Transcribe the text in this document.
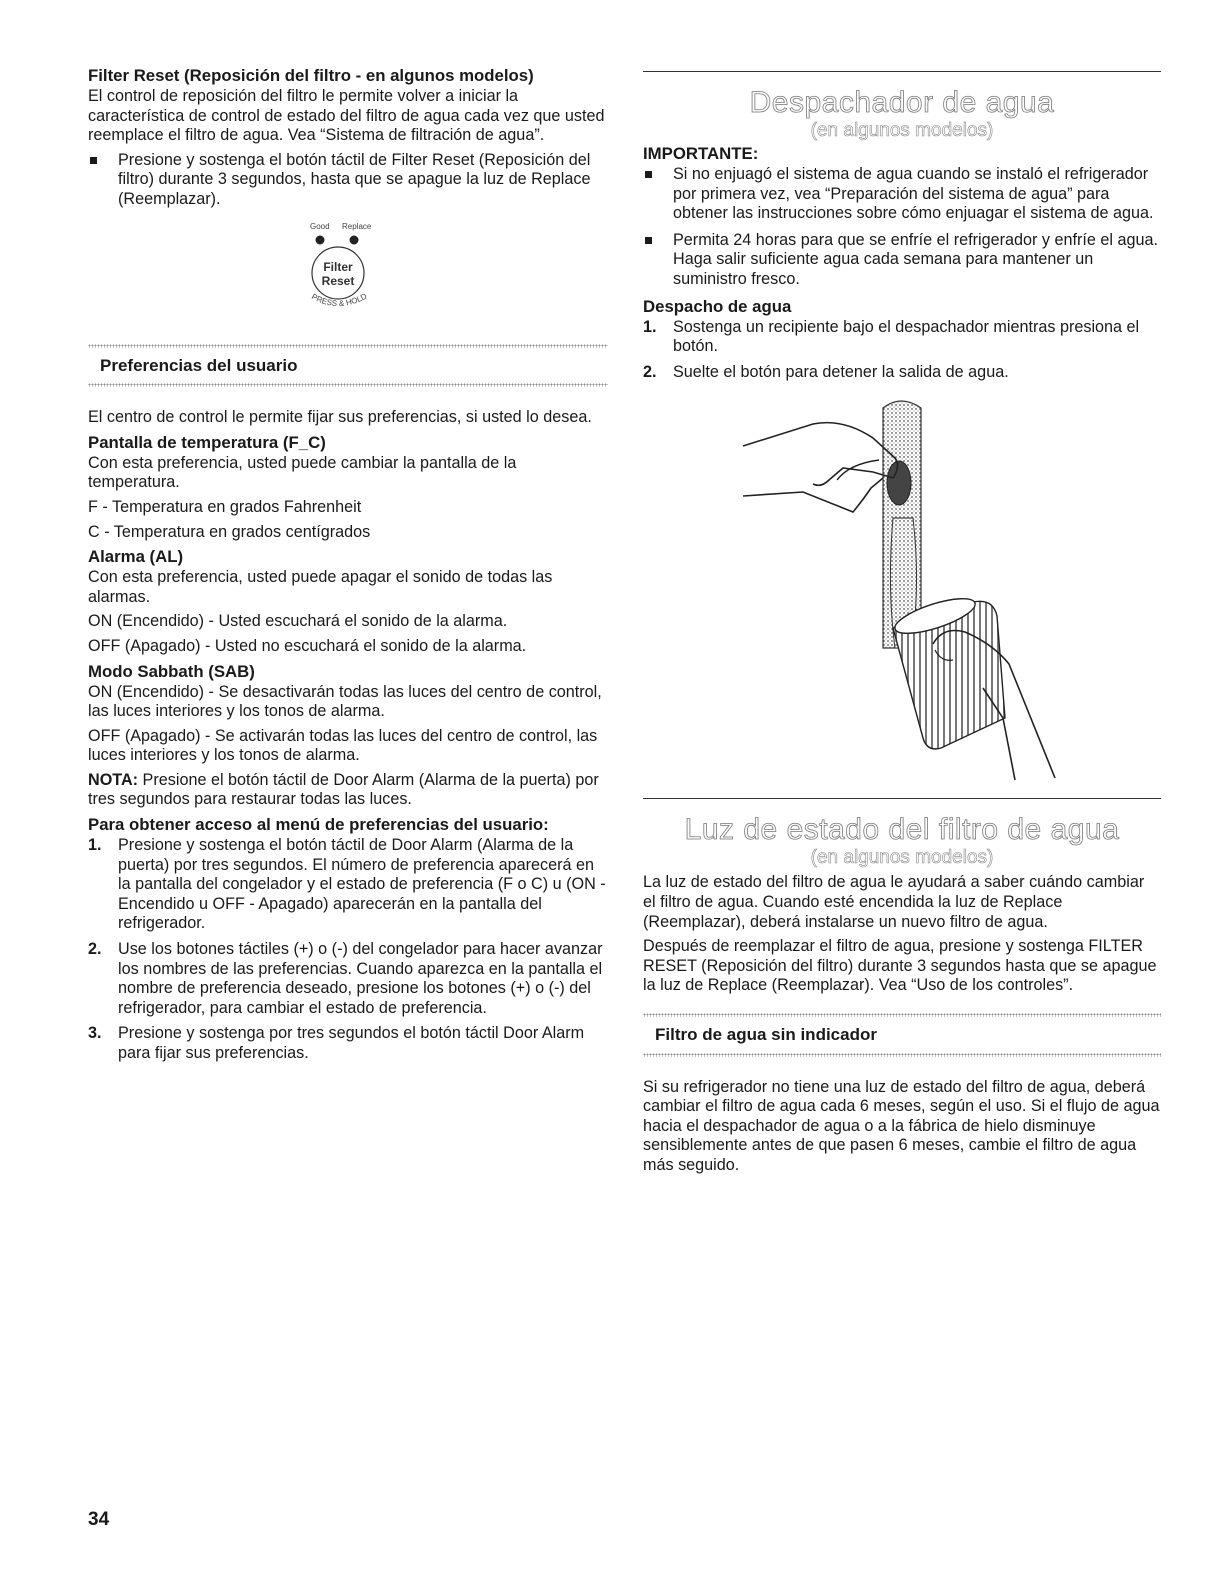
Filter Reset (Reposición del filtro - en algunos modelos)

El control de reposición del filtro le permite volver a iniciar la característica de control de estado del filtro de agua cada vez que usted reemplace el filtro de agua. Vea “Sistema de filtración de agua”.

Presione y sostenga el botón táctil de Filter Reset (Reposición del filtro) durante 3 segundos, hasta que se apague la luz de Replace (Reemplazar).
Good Replace
Filter
Reset
PRESS & HOLD
Preferencias del usuario

El centro de control le permite fijar sus preferencias, si usted lo desea.

Pantalla de temperatura (F_C)

Con esta preferencia, usted puede cambiar la pantalla de la temperatura.

F - Temperatura en grados Fahrenheit

C - Temperatura en grados centígrados

Alarma (AL)

Con esta preferencia, usted puede apagar el sonido de todas las alarmas.

ON (Encendido) - Usted escuchará el sonido de la alarma.

OFF (Apagado) - Usted no escuchará el sonido de la alarma.

Modo Sabbath (SAB)

ON (Encendido) - Se desactivarán todas las luces del centro de control, las luces interiores y los tonos de alarma.

OFF (Apagado) - Se activarán todas las luces del centro de control, las luces interiores y los tonos de alarma.

NOTA: Presione el botón táctil de Door Alarm (Alarma de la puerta) por tres segundos para restaurar todas las luces.

Para obtener acceso al menú de preferencias del usuario:
1. Presione y sostenga el botón táctil de Door Alarm (Alarma de la puerta) por tres segundos. El número de preferencia aparecerá en la pantalla del congelador y el estado de preferencia (F o C) u (ON - Encendido u OFF - Apagado) aparecerán en la pantalla del refrigerador.
2. Use los botones táctiles (+) o (-) del congelador para hacer avanzar los nombres de las preferencias. Cuando aparezca en la pantalla el nombre de preferencia deseado, presione los botones (+) o (-) del refrigerador, para cambiar el estado de preferencia.
3. Presione y sostenga por tres segundos el botón táctil Door Alarm para fijar sus preferencias.
Despachador de agua
(en algunos modelos)
IMPORTANTE:
Si no enjuagó el sistema de agua cuando se instaló el refrigerador por primera vez, vea “Preparación del sistema de agua” para obtener las instrucciones sobre cómo enjuagar el sistema de agua.
Permita 24 horas para que se enfríe el refrigerador y enfríe el agua. Haga salir suficiente agua cada semana para mantener un suministro fresco.
Despacho de agua
1. Sostenga un recipiente bajo el despachador mientras presiona el botón.
2. Suelte el botón para detener la salida de agua.
Luz de estado del filtro de agua
(en algunos modelos)

La luz de estado del filtro de agua le ayudará a saber cuándo cambiar el filtro de agua. Cuando esté encendida la luz de Replace (Reemplazar), deberá instalarse un nuevo filtro de agua.

Después de reemplazar el filtro de agua, presione y sostenga FILTER RESET (Reposición del filtro) durante 3 segundos hasta que se apague la luz de Replace (Reemplazar). Vea “Uso de los controles”.

Filtro de agua sin indicador

Si su refrigerador no tiene una luz de estado del filtro de agua, deberá cambiar el filtro de agua cada 6 meses, según el uso. Si el flujo de agua hacia el despachador de agua o a la fábrica de hielo disminuye sensiblemente antes de que pasen 6 meses, cambie el filtro de agua más seguido.

34
